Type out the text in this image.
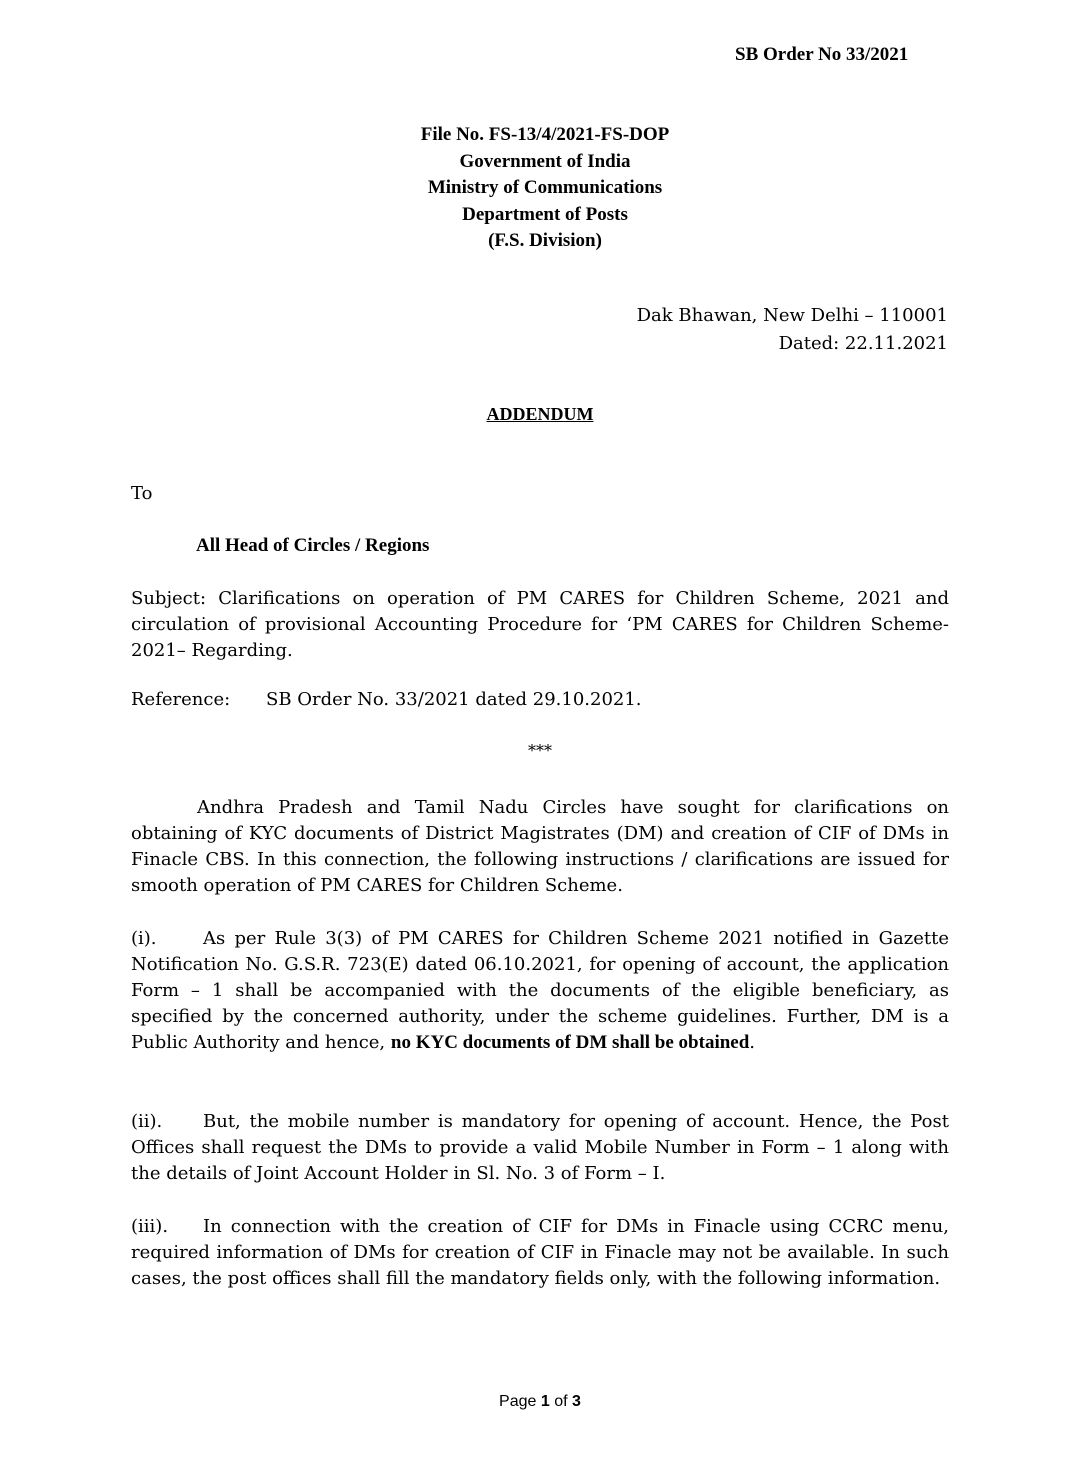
SB Order No 33/2021
File No. FS-13/4/2021-FS-DOP
Government of India
Ministry of Communications
Department of Posts
(F.S. Division)
Dak Bhawan, New Delhi – 110001
Dated: 22.11.2021
ADDENDUM
To
All Head of Circles / Regions

Subject: Clarifications on operation of PM CARES for Children Scheme, 2021 and circulation of provisional Accounting Procedure for ‘PM CARES for Children Scheme-2021– Regarding.

Reference: SB Order No. 33/2021 dated 29.10.2021.
***

Andhra Pradesh and Tamil Nadu Circles have sought for clarifications on obtaining of KYC documents of District Magistrates (DM) and creation of CIF of DMs in Finacle CBS. In this connection, the following instructions / clarifications are issued for smooth operation of PM CARES for Children Scheme.

(i).	As per Rule 3(3) of PM CARES for Children Scheme 2021 notified in Gazette Notification No. G.S.R. 723(E) dated 06.10.2021, for opening of account, the application Form – 1 shall be accompanied with the documents of the eligible beneficiary, as specified by the concerned authority, under the scheme guidelines. Further, DM is a Public Authority and hence, no KYC documents of DM shall be obtained.

(ii). But, the mobile number is mandatory for opening of account. Hence, the Post Offices shall request the DMs to provide a valid Mobile Number in Form – 1 along with the details of Joint Account Holder in Sl. No. 3 of Form – I.

(iii). In connection with the creation of CIF for DMs in Finacle using CCRC menu, required information of DMs for creation of CIF in Finacle may not be available. In such cases, the post offices shall fill the mandatory fields only, with the following information.

Page 1 of 3
